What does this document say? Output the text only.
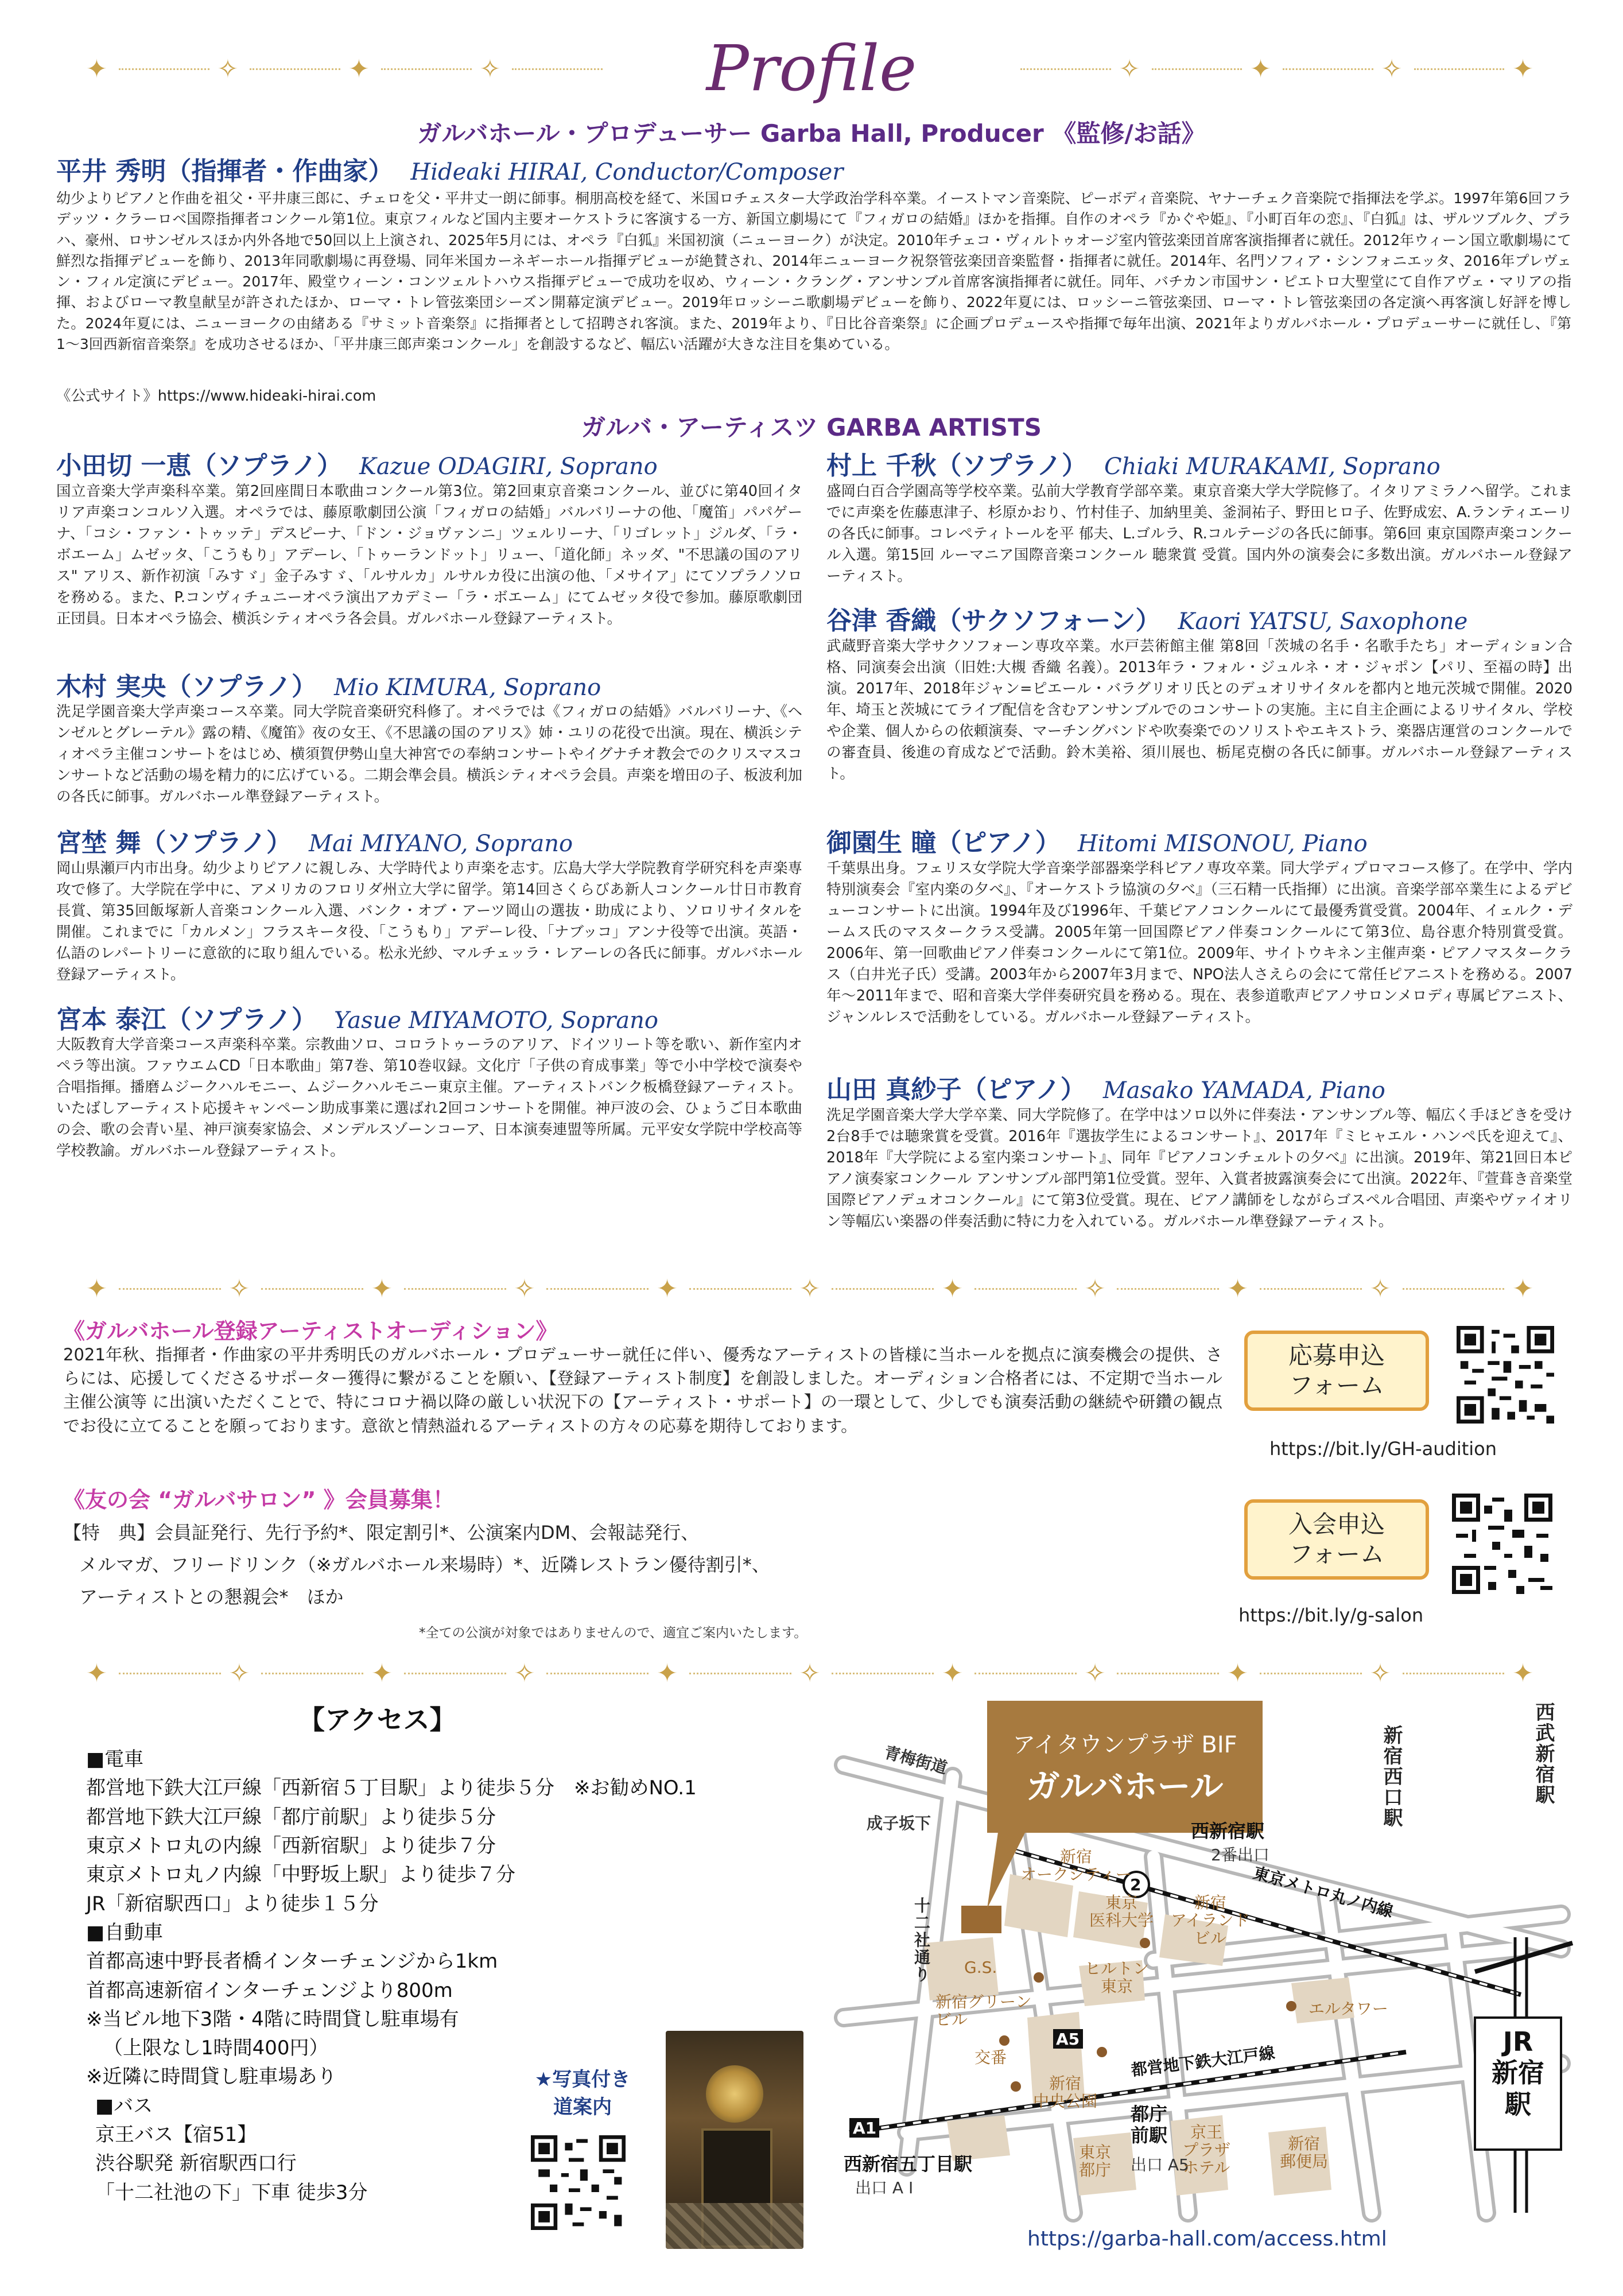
✦	✧	✦	✧	✧	✦	✧	✦
Profile
ガルバホール・プロデューサー Garba Hall, Producer 《監修/お話》
平井 秀明（指揮者・作曲家） Hideaki HIRAI, Conductor/Composer
幼少よりピアノと作曲を祖父・平井康三郎に、チェロを父・平井丈一朗に師事。桐朋高校を経て、米国ロチェスター大学政治学科卒業。イーストマン音楽院、ピーボディ音楽院、ヤナーチェク音楽院で指揮法を学ぶ。1997年第6回フラデッツ・クラーロベ国際指揮者コンクール第1位。東京フィルなど国内主要オーケストラに客演する一方、新国立劇場にて『フィガロの結婚』ほかを指揮。自作のオペラ『かぐや姫』、『小町百年の恋』、『白狐』は、ザルツブルク、プラハ、豪州、ロサンゼルスほか内外各地で50回以上上演され、2025年5月には、オペラ『白狐』米国初演（ニューヨーク）が決定。2010年チェコ・ヴィルトゥオージ室内管弦楽団首席客演指揮者に就任。2012年ウィーン国立歌劇場にて鮮烈な指揮デビューを飾り、2013年同歌劇場に再登場、同年米国カーネギーホール指揮デビューが絶賛され、2014年ニューヨーク祝祭管弦楽団音楽監督・指揮者に就任。2014年、名門ソフィア・シンフォニエッタ、2016年プレヴェン・フィル定演にデビュー。2017年、殿堂ウィーン・コンツェルトハウス指揮デビューで成功を収め、ウィーン・クラング・アンサンブル首席客演指揮者に就任。同年、バチカン市国サン・ピエトロ大聖堂にて自作アヴェ・マリアの指揮、およびローマ教皇献呈が許されたほか、ローマ・トレ管弦楽団シーズン開幕定演デビュー。2019年ロッシーニ歌劇場デビューを飾り、2022年夏には、ロッシーニ管弦楽団、ローマ・トレ管弦楽団の各定演へ再客演し好評を博した。2024年夏には、ニューヨークの由緒ある『サミット音楽祭』に指揮者として招聘され客演。また、2019年より、『日比谷音楽祭』に企画プロデュースや指揮で毎年出演、2021年よりガルバホール・プロデューサーに就任し、『第1〜3回西新宿音楽祭』を成功させるほか、「平井康三郎声楽コンクール」を創設するなど、幅広い活躍が大きな注目を集めている。
《公式サイト》https://www.hideaki-hirai.com
ガルバ・アーティスツ GARBA ARTISTS
小田切 一恵（ソプラノ） Kazue ODAGIRI, Soprano
国立音楽大学声楽科卒業。第2回座間日本歌曲コンクール第3位。第2回東京音楽コンクール、並びに第40回イタリア声楽コンコルソ入選。オペラでは、藤原歌劇団公演「フィガロの結婚」バルバリーナの他、「魔笛」パパゲーナ、「コシ・ファン・トゥッテ」デスピーナ、「ドン・ジョヴァンニ」ツェルリーナ、「リゴレット」ジルダ、「ラ・ボエーム」ムゼッタ、「こうもり」アデーレ、「トゥーランドット」リュー、「道化師」ネッダ、"不思議の国のアリス" アリス、新作初演「みすゞ」金子みすゞ、「ルサルカ」ルサルカ役に出演の他、「メサイア」にてソプラノソロを務める。また、P.コンヴィチュニーオペラ演出アカデミー「ラ・ボエーム」にてムゼッタ役で参加。藤原歌劇団正団員。日本オペラ協会、横浜シティオペラ各会員。ガルバホール登録アーティスト。
木村 実央（ソプラノ） Mio KIMURA, Soprano
洗足学園音楽大学声楽コース卒業。同大学院音楽研究科修了。オペラでは《フィガロの結婚》バルバリーナ、《ヘンゼルとグレーテル》露の精、《魔笛》夜の女王、《不思議の国のアリス》姉・ユリの花役で出演。現在、横浜シティオペラ主催コンサートをはじめ、横須賀伊勢山皇大神宮での奉納コンサートやイグナチオ教会でのクリスマスコンサートなど活動の場を精力的に広げている。二期会準会員。横浜シティオペラ会員。声楽を増田の子、板波利加の各氏に師事。ガルバホール準登録アーティスト。
宮埜 舞（ソプラノ） Mai MIYANO, Soprano
岡山県瀬戸内市出身。幼少よりピアノに親しみ、大学時代より声楽を志す。広島大学大学院教育学研究科を声楽専攻で修了。大学院在学中に、アメリカのフロリダ州立大学に留学。第14回さくらびあ新人コンクール廿日市教育長賞、第35回飯塚新人音楽コンクール入選、バンク・オブ・アーツ岡山の選抜・助成により、ソロリサイタルを開催。これまでに「カルメン」フラスキータ役、「こうもり」アデーレ役、「ナブッコ」アンナ役等で出演。英語・仏語のレパートリーに意欲的に取り組んでいる。松永光紗、マルチェッラ・レアーレの各氏に師事。ガルバホール登録アーティスト。
宮本 泰江（ソプラノ） Yasue MIYAMOTO, Soprano
大阪教育大学音楽コース声楽科卒業。宗教曲ソロ、コロラトゥーラのアリア、ドイツリート等を歌い、新作室内オペラ等出演。ファウエムCD「日本歌曲」第7巻、第10巻収録。文化庁「子供の育成事業」等で小中学校で演奏や合唱指揮。播磨ムジークハルモニー、ムジークハルモニー東京主催。アーティストバンク板橋登録アーティスト。いたばしアーティスト応援キャンペーン助成事業に選ばれ2回コンサートを開催。神戸波の会、ひょうご日本歌曲の会、歌の会青い星、神戸演奏家協会、メンデルスゾーンコーア、日本演奏連盟等所属。元平安女学院中学校高等学校教諭。ガルバホール登録アーティスト。
村上 千秋（ソプラノ） Chiaki MURAKAMI, Soprano
盛岡白百合学園高等学校卒業。弘前大学教育学部卒業。東京音楽大学大学院修了。イタリアミラノへ留学。これまでに声楽を佐藤恵津子、杉原かおり、竹村佳子、加納里美、釜洞祐子、野田ヒロ子、佐野成宏、A.ランティエーリの各氏に師事。コレペティトールを平 郁夫、L.ゴルラ、R.コルテージの各氏に師事。第6回 東京国際声楽コンクール入選。第15回 ルーマニア国際音楽コンクール 聴衆賞 受賞。国内外の演奏会に多数出演。ガルバホール登録アーティスト。
谷津 香織（サクソフォーン） Kaori YATSU, Saxophone
武蔵野音楽大学サクソフォーン専攻卒業。水戸芸術館主催 第8回「茨城の名手・名歌手たち」オーディション合格、同演奏会出演（旧姓:大槻 香織 名義）。2013年ラ・フォル・ジュルネ・オ・ジャポン【パリ、至福の時】出演。2017年、2018年ジャン=ピエール・バラグリオリ氏とのデュオリサイタルを都内と地元茨城で開催。2020年、埼玉と茨城にてライブ配信を含むアンサンブルでのコンサートの実施。主に自主企画によるリサイタル、学校や企業、個人からの依頼演奏、マーチングバンドや吹奏楽でのソリストやエキストラ、楽器店運営のコンクールでの審査員、後進の育成などで活動。鈴木美裕、須川展也、栃尾克樹の各氏に師事。ガルバホール登録アーティスト。
御園生 瞳（ピアノ） Hitomi MISONOU, Piano
千葉県出身。フェリス女学院大学音楽学部器楽学科ピアノ専攻卒業。同大学ディプロマコース修了。在学中、学内特別演奏会『室内楽の夕べ』、『オーケストラ協演の夕べ』（三石精一氏指揮）に出演。音楽学部卒業生によるデビューコンサートに出演。1994年及び1996年、千葉ピアノコンクールにて最優秀賞受賞。2004年、イェルク・デームス氏のマスタークラス受講。2005年第一回国際ピアノ伴奏コンクールにて第3位、島谷恵介特別賞受賞。2006年、第一回歌曲ピアノ伴奏コンクールにて第1位。2009年、サイトウキネン主催声楽・ピアノマスタークラス（白井光子氏）受講。2003年から2007年3月まで、NPO法人さえらの会にて常任ピアニストを務める。2007年〜2011年まで、昭和音楽大学伴奏研究員を務める。現在、表参道歌声ピアノサロンメロディ専属ピアニスト、ジャンルレスで活動をしている。ガルバホール登録アーティスト。
山田 真紗子（ピアノ） Masako YAMADA, Piano
洗足学園音楽大学大学卒業、同大学院修了。在学中はソロ以外に伴奏法・アンサンブル等、幅広く手ほどきを受け2台8手では聴衆賞を受賞。2016年『選抜学生によるコンサート』、2017年『ミヒャエル・ハンペ氏を迎えて』、2018年『大学院による室内楽コンサート』、同年『ピアノコンチェルトの夕べ』に出演。2019年、第21回日本ピアノ演奏家コンクール アンサンブル部門第1位受賞。翌年、入賞者披露演奏会にて出演。2022年、『萱葺き音楽堂国際ピアノデュオコンクール』にて第3位受賞。現在、ピアノ講師をしながらゴスペル合唱団、声楽やヴァイオリン等幅広い楽器の伴奏活動に特に力を入れている。ガルバホール準登録アーティスト。
✦	✧	✦	✧	✦	✧	✦	✧	✦	✧	✦
《ガルバホール登録アーティストオーディション》
2021年秋、指揮者・作曲家の平井秀明氏のガルバホール・プロデューサー就任に伴い、優秀なアーティストの皆様に当ホールを拠点に演奏機会の提供、さらには、応援してくださるサポーター獲得に繋がることを願い、【登録アーティスト制度】を創設しました。オーディション合格者には、不定期で当ホール主催公演等 に出演いただくことで、特にコロナ禍以降の厳しい状況下の【アーティスト・サポート】の一環として、少しでも演奏活動の継続や研鑽の観点でお役に立てることを願っております。意欲と情熱溢れるアーティストの方々の応募を期待しております。
応募申込
フォーム
https://bit.ly/GH-audition
《友の会 “ガルバサロン” 》会員募集！
【特　典】会員証発行、先行予約*、限定割引*、公演案内DM、会報誌発行、
メルマガ、フリードリンク（※ガルバホール来場時）*、近隣レストラン優待割引*、
アーティストとの懇親会*　ほか
*全ての公演が対象ではありませんので、適宜ご案内いたします。
入会申込
フォーム
https://bit.ly/g-salon
✦	✧	✦	✧	✦	✧	✦	✧	✦	✧	✦
【アクセス】
■電車
都営地下鉄大江戸線「西新宿５丁目駅」より徒歩５分　※お勧めNO.1
都営地下鉄大江戸線「都庁前駅」より徒歩５分
東京メトロ丸の内線「西新宿駅」より徒歩７分
東京メトロ丸ノ内線「中野坂上駅」より徒歩７分
JR「新宿駅西口」より徒歩１５分
■自動車
首都高速中野長者橋インターチェンジから1km
首都高速新宿インターチェンジより800m
※当ビル地下3階・4階に時間貸し駐車場有
（上限なし1時間400円）
※近隣に時間貸し駐車場あり
■バス
京王バス【宿51】
渋谷駅発 新宿駅西口行
「十二社池の下」下車 徒歩3分
★写真付き
道案内
アイタウンプラザ BIF
ガルバホール
青梅街道
成子坂下	西新宿駅
2番出口
2
十二社通り
新宿
オークシティー
東京
医科大学
新宿
アイランド
ビル
ヒルトン
東京
G.S.
新宿グリーン
ビル
交番
新宿
中央公園
エルタワー
東京メトロ丸ノ内線
都営地下鉄大江戸線
A5
A1
都庁
前駅
出口 A5
西新宿五丁目駅
出口 A I
東京
都庁
京王
プラザ
ホテル
新宿
郵便局
新宿西口駅	西武新宿駅
JR
新宿
駅
https://garba-hall.com/access.html
